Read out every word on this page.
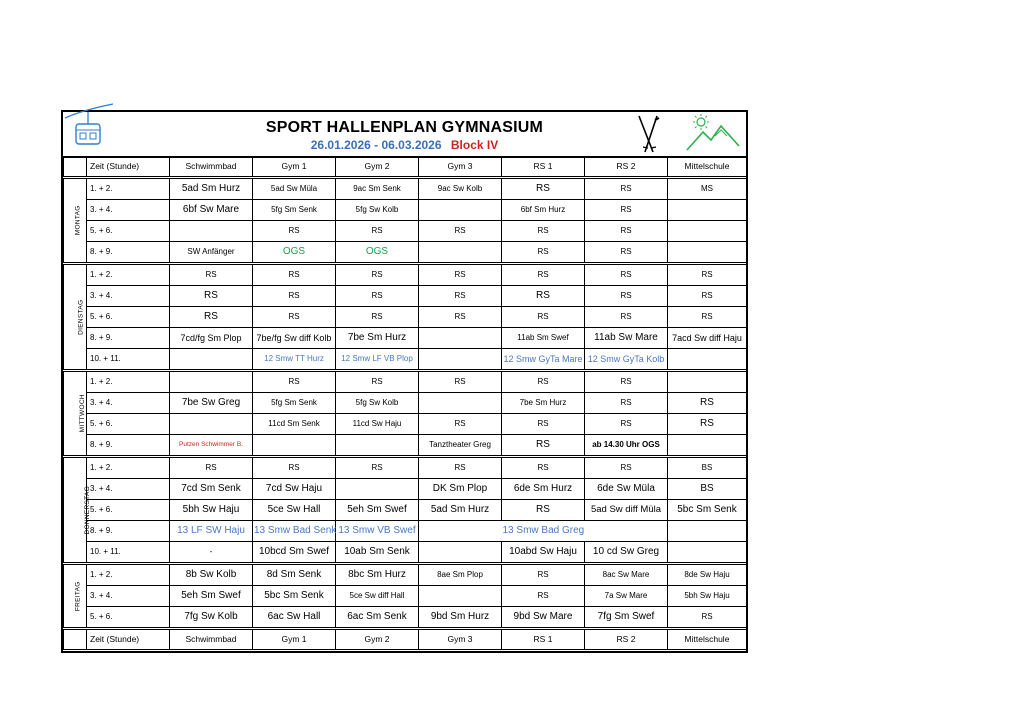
SPORT HALLENPLAN GYMNASIUM
26.01.2026 - 06.03.2026 Block IV
	Zeit (Stunde)	Schwimmbad	Gym 1	Gym 2	Gym 3	RS 1	RS 2	Mittelschule
MONTAG	1. + 2.	5ad Sm Hurz	5ad Sw Müla	9ac Sm Senk	9ac Sw Kolb	RS	RS	MS
	3. + 4.	6bf Sw Mare	5fg Sm Senk	5fg Sw Kolb		6bf Sm Hurz	RS	
	5. + 6.		RS	RS	RS	RS	RS	
	8. + 9.	SW Anfänger	OGS	OGS		RS	RS	
DIENSTAG	1. + 2.	RS	RS	RS	RS	RS	RS	RS
	3. + 4.	RS	RS	RS	RS	RS	RS	RS
	5. + 6.	RS	RS	RS	RS	RS	RS	RS
	8. + 9.	7cd/fg Sm Plop	7be/fg Sw diff Kolb	7be Sm Hurz		11ab Sm Swef	11ab Sw Mare	7acd Sw diff Haju
	10. + 11.		12 Smw TT Hurz	12 Smw LF VB Plop		12 Smw GyTa Mare	12 Smw GyTa Kolb	
MITTWOCH	1. + 2.		RS	RS	RS	RS	RS	
	3. + 4.	7be Sw Greg	5fg Sm Senk	5fg Sw Kolb		7be Sm Hurz	RS	RS
	5. + 6.		11cd Sm Senk	11cd Sw Haju	RS	RS	RS	RS
	8. + 9.	Putzen Schwimmer B.			Tanztheater Greg	RS	ab 14.30 Uhr OGS	
DONNERSTAG	1. + 2.	RS	RS	RS	RS	RS	RS	BS
	3. + 4.	7cd Sm Senk	7cd Sw Haju		DK Sm Plop	6de Sm Hurz	6de Sw Müla	BS
	5. + 6.	5bh Sw Haju	5ce Sw Hall	5eh Sm Swef	5ad Sm Hurz	RS	5ad Sw diff Müla	5bc Sm Senk
	8. + 9.	13 LF SW Haju	13 Smw Bad Senk	13 Smw VB Swef		13 Smw Bad Greg		
	10. + 11.	-	10bcd Sm Swef	10ab Sm Senk		10abd Sw Haju	10 cd Sw Greg	
FREITAG	1. + 2.	8b Sw Kolb	8d Sm Senk	8bc Sm Hurz	8ae Sm Plop	RS	8ac Sw Mare	8de Sw Haju
	3. + 4.	5eh Sm Swef	5bc Sm Senk	5ce Sw diff Hall		RS	7a Sw Mare	5bh Sw Haju
	5. + 6.	7fg Sw Kolb	6ac Sw Hall	6ac Sm Senk	9bd Sm Hurz	9bd Sw Mare	7fg Sm Swef	RS
	Zeit (Stunde)	Schwimmbad	Gym 1	Gym 2	Gym 3	RS 1	RS 2	Mittelschule
